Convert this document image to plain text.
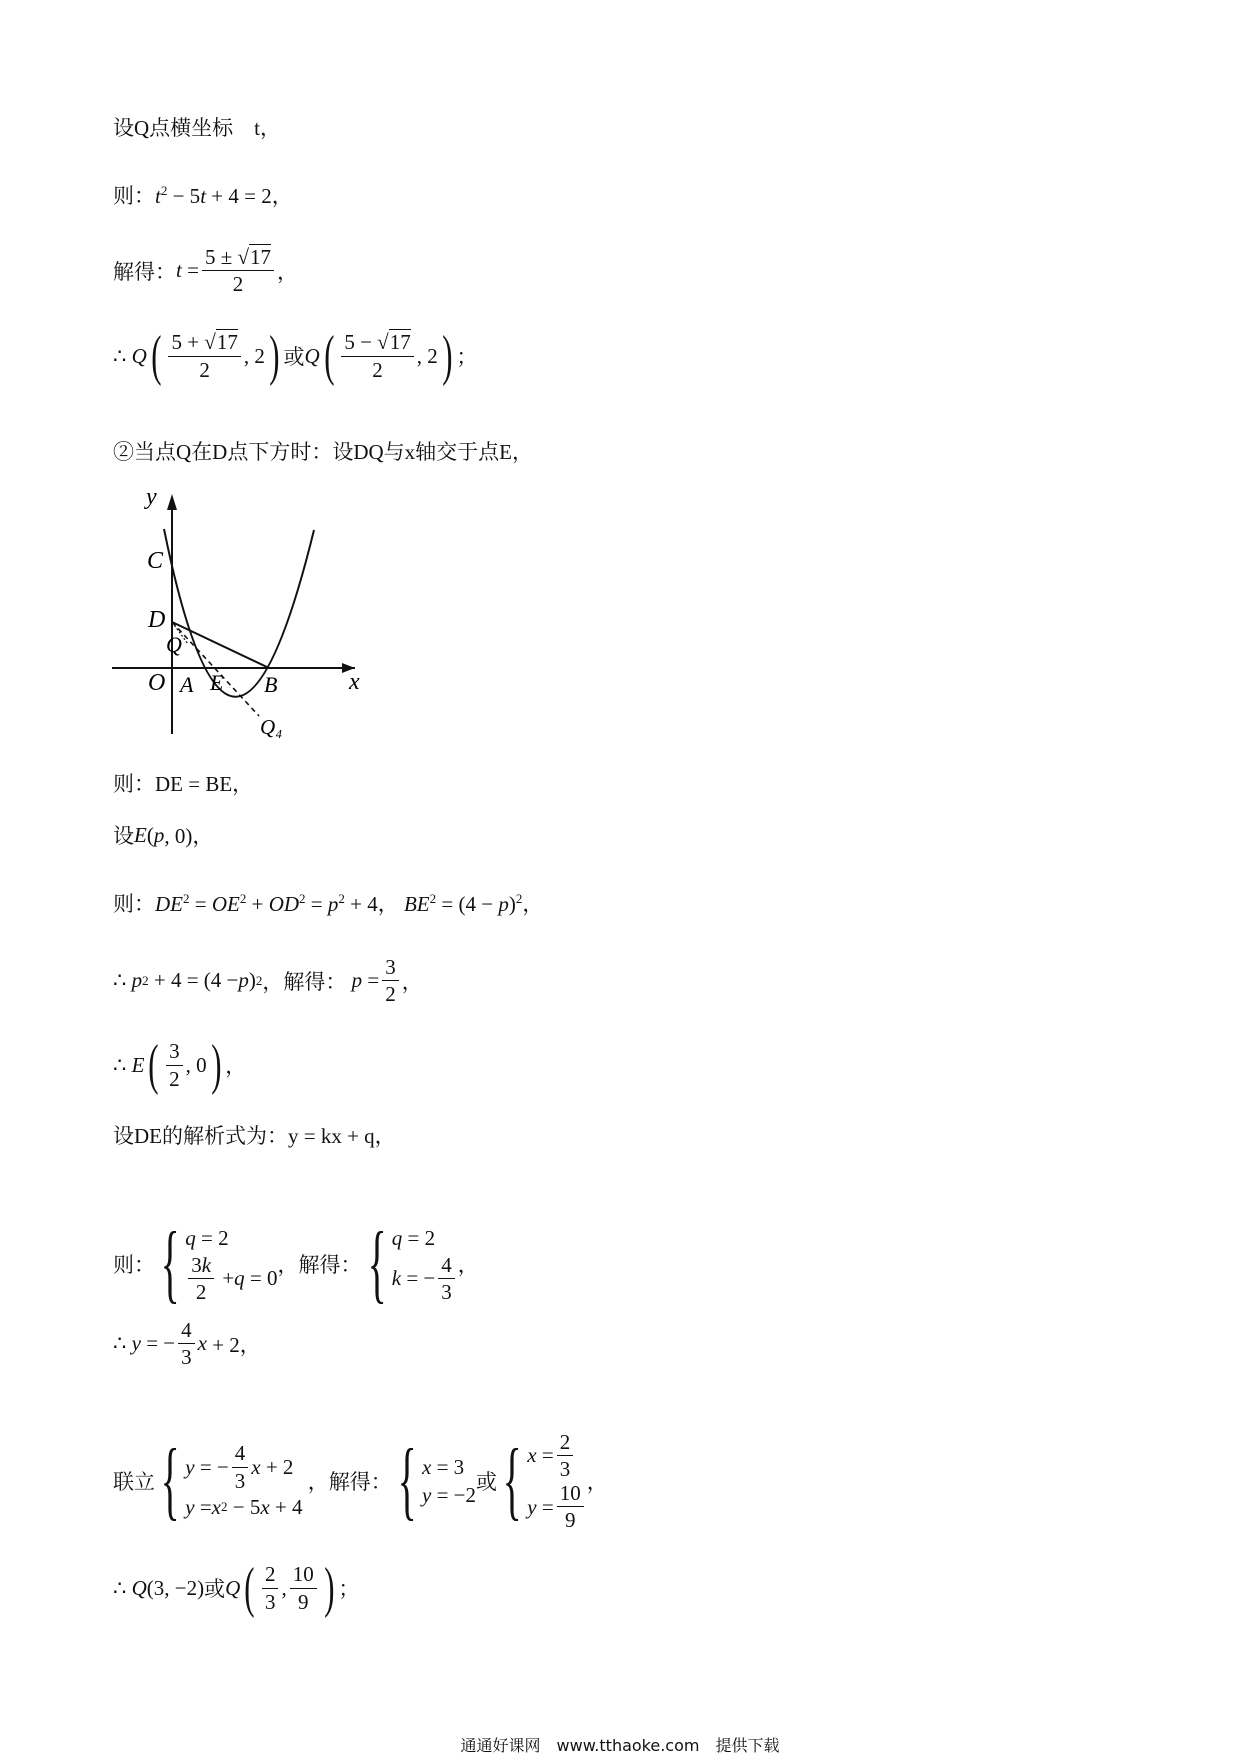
设Q点横坐标　t，
则： $t^2 - 5t + 4 = 2$，
解得： $t = \frac{5 \pm √17}{2}$ ，
∴ Q ( $\frac{5 + √17}{2}$ , 2 ) 或 Q ( $\frac{5 - √17}{2}$ , 2 ) ；
②当点Q在D点下方时：设DQ与x轴交于点E，
y
C
D
Q
O A E B	x
Q₄
则：DE = BE，
设 E ( p , 0)，
则： $DE^2 = OE^2 + OD^2 = p^2 + 4$， $BE^2 = (4 - p)^2$，
∴ p 2 + 4 = (4 − p ) 2 ，解得：
$p = \frac{3}{2}$ ，
∴ E ( $\frac{3}{2}$ , 0 ) ，
设DE的解析式为：y = kx + q，
则： { q = 2
$\frac{3k}{2} + q = 0$
，解得： { q = 2
k = − $\frac{4}{3}$ ，
∴ y = − $\frac{4}{3}$ x + 2，
联立 { y = − $\frac{4}{3}$ x + 2
y = x 2 − 5 x + 4

，解得： { x = 3
y = −2
或 { $x = \frac{2}{3}$
$y = \frac{10}{9}$ ，
∴ Q (3, −2) 或 Q ( $\frac{2}{3}$ , $\frac{10}{9}$ ) ；
通通好课网　www.tthaoke.com　提供下载
